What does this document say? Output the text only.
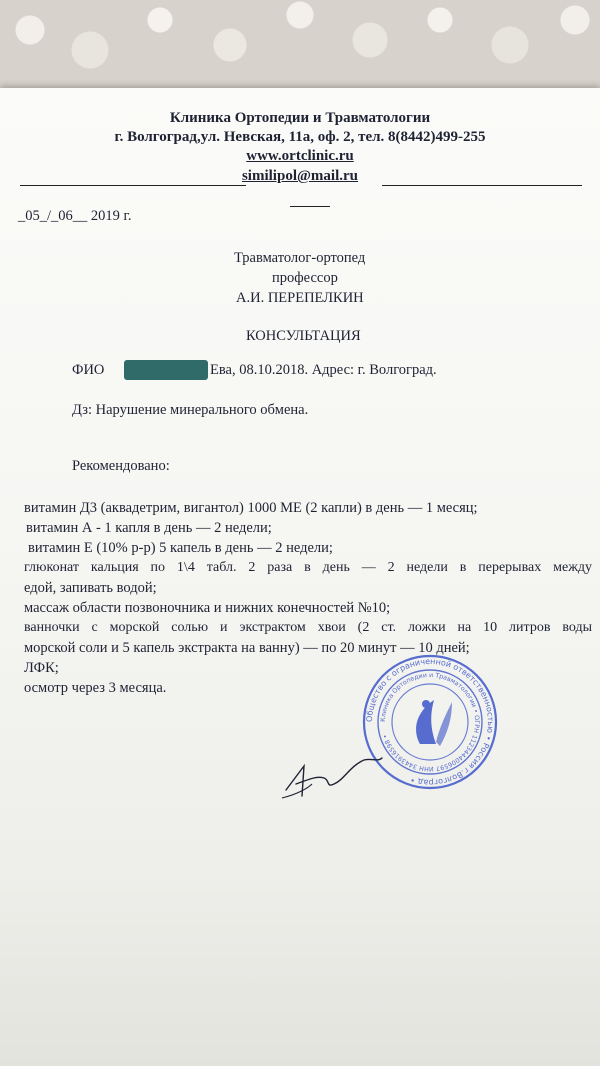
Клиника Ортопедии и Травматологии
г. Волгоград,ул. Невская, 11а, оф. 2, тел. 8(8442)499-255
www.ortclinic.ru
similipol@mail.ru
_05_/_06__ 2019 г.
Травматолог-ортопед
профессор
А.И. ПЕРЕПЕЛКИН
КОНСУЛЬТАЦИЯ
ФИО	Ева, 08.10.2018. Адрес: г. Волгоград.
Дз: Нарушение минерального обмена.
Рекомендовано:
витамин Д3 (аквадетрим, вигантол) 1000 МЕ (2 капли) в день — 1 месяц;
витамин А - 1 капля в день — 2 недели;
витамин Е (10% р-р) 5 капель в день — 2 недели;
глюконат кальция по 1\4 табл. 2 раза в день — 2 недели в перерывах между
едой, запивать водой;
массаж области позвоночника и нижних конечностей №10;
ванночки с морской солью и экстрактом хвои (2 ст. ложки на 10 литров воды
морской соли и 5 капель экстракта на ванну) — по 20 минут — 10 дней;
ЛФК;
осмотр через 3 месяца.
Общество с ограниченной ответственностью • Россия г.Волгоград •
Клиника Ортопедии и Травматологии • ОГРН 1123444006597 ИНН 3443916598 •
